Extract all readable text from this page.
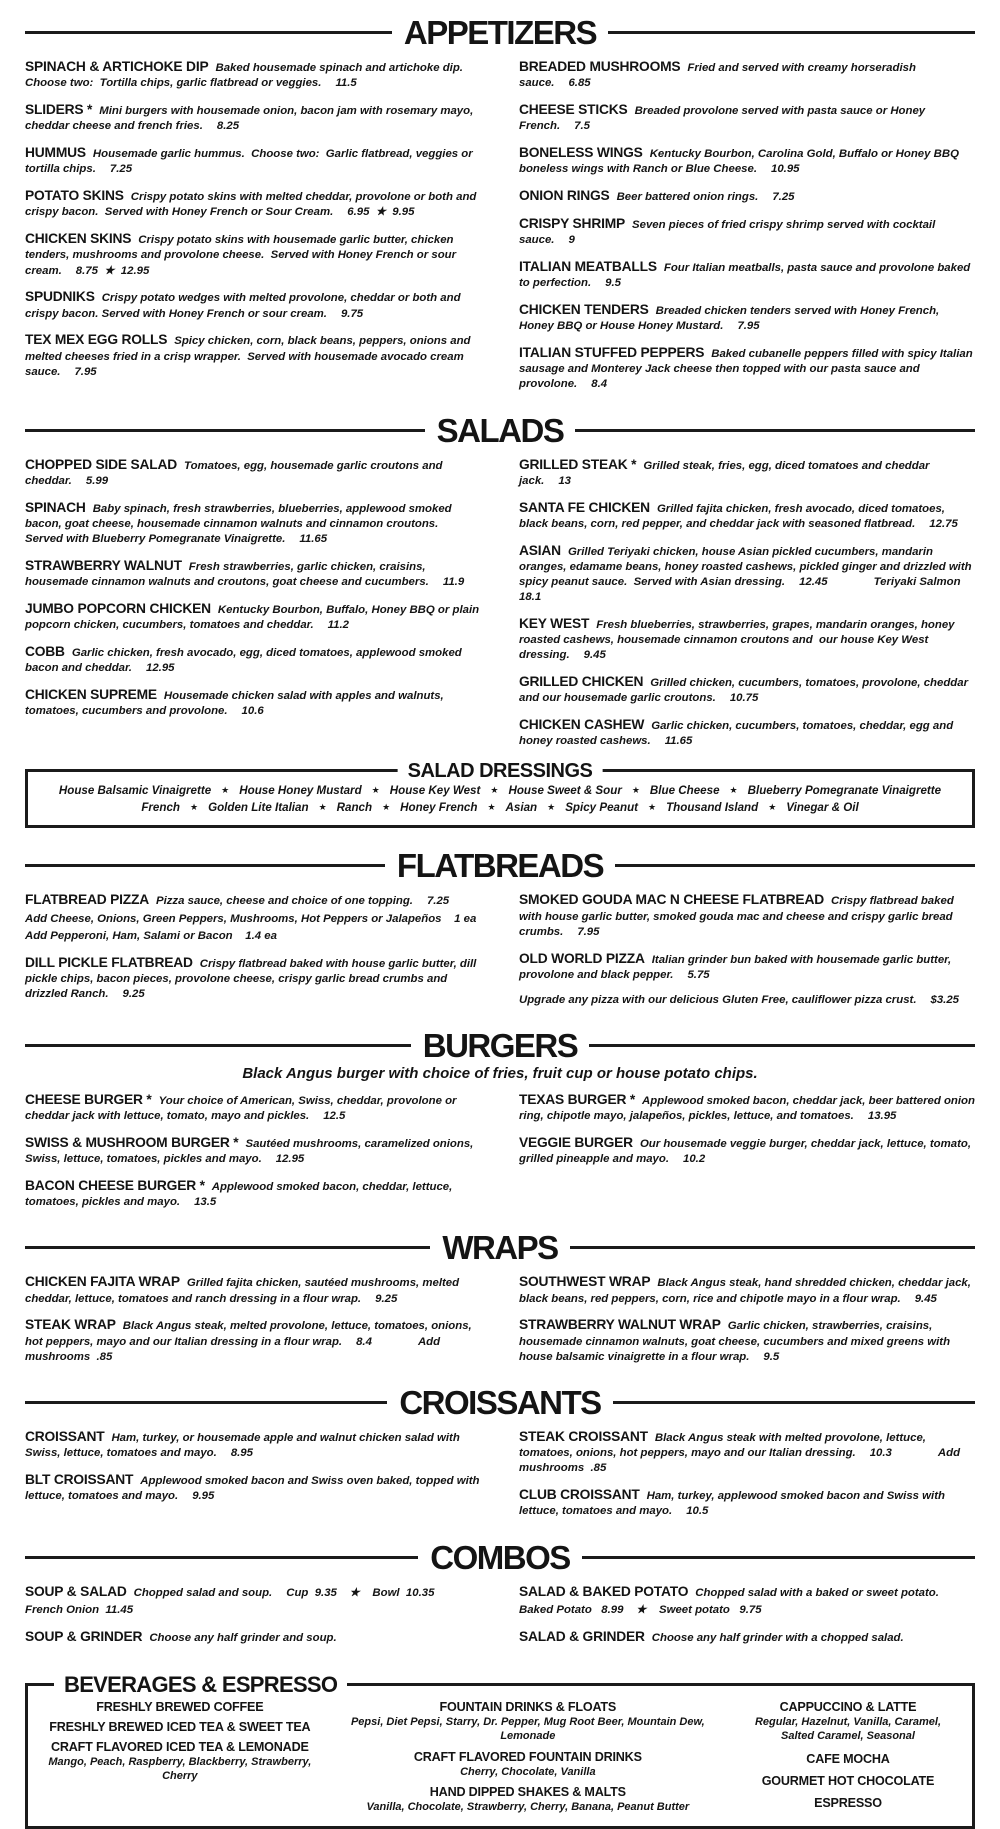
APPETIZERS

SPINACH & ARTICHOKE DIP Baked housemade spinach and artichoke dip.  Choose two:  Tortilla chips, garlic flatbread or veggies. 11.5

SLIDERS * Mini burgers with housemade onion, bacon jam with rosemary mayo, cheddar cheese and french fries. 8.25

HUMMUS Housemade garlic hummus.  Choose two:  Garlic flatbread, veggies or tortilla chips. 7.25

POTATO SKINS Crispy potato skins with melted cheddar, provolone or both and crispy bacon.  Served with Honey French or Sour Cream. 6.95  ★  9.95

CHICKEN SKINS Crispy potato skins with housemade garlic butter, chicken tenders, mushrooms and provolone cheese.  Served with Honey French or sour cream. 8.75  ★  12.95

SPUDNIKS Crispy potato wedges with melted provolone, cheddar or both and crispy bacon. Served with Honey French or sour cream. 9.75

TEX MEX EGG ROLLS Spicy chicken, corn, black beans, peppers, onions and melted cheeses fried in a crisp wrapper.  Served with housemade avocado cream sauce. 7.95

BREADED MUSHROOMS Fried and served with creamy horseradish sauce. 6.85

CHEESE STICKS Breaded provolone served with pasta sauce or Honey French. 7.5

BONELESS WINGS Kentucky Bourbon, Carolina Gold, Buffalo or Honey BBQ boneless wings with Ranch or Blue Cheese. 10.95

ONION RINGS Beer battered onion rings. 7.25

CRISPY SHRIMP Seven pieces of fried crispy shrimp served with cocktail sauce. 9

ITALIAN MEATBALLS Four Italian meatballs, pasta sauce and provolone baked to perfection. 9.5

CHICKEN TENDERS Breaded chicken tenders served with Honey French, Honey BBQ or House Honey Mustard. 7.95

ITALIAN STUFFED PEPPERS Baked cubanelle peppers filled with spicy Italian sausage and Monterey Jack cheese then topped with our pasta sauce and provolone. 8.4

SALADS

CHOPPED SIDE SALAD Tomatoes, egg, housemade garlic croutons and cheddar. 5.99

SPINACH Baby spinach, fresh strawberries, blueberries, applewood smoked bacon, goat cheese, housemade cinnamon walnuts and cinnamon croutons.  Served with Blueberry Pomegranate Vinaigrette. 11.65

STRAWBERRY WALNUT Fresh strawberries, garlic chicken, craisins, housemade cinnamon walnuts and croutons, goat cheese and cucumbers. 11.9

JUMBO POPCORN CHICKEN Kentucky Bourbon, Buffalo, Honey BBQ or plain popcorn chicken, cucumbers, tomatoes and cheddar. 11.2

COBB Garlic chicken, fresh avocado, egg, diced tomatoes, applewood smoked bacon and cheddar. 12.95

CHICKEN SUPREME Housemade chicken salad with apples and walnuts, tomatoes, cucumbers and provolone. 10.6

GRILLED STEAK * Grilled steak, fries, egg, diced tomatoes and cheddar jack. 13

SANTA FE CHICKEN Grilled fajita chicken, fresh avocado, diced tomatoes, black beans, corn, red pepper, and cheddar jack with seasoned flatbread. 12.75

ASIAN Grilled Teriyaki chicken, house Asian pickled cucumbers, mandarin oranges, edamame beans, honey roasted cashews, pickled ginger and drizzled with spicy peanut sauce.  Served with Asian dressing. 12.45	Teriyaki Salmon   18.1

KEY WEST Fresh blueberries, strawberries, grapes, mandarin oranges, honey roasted cashews, housemade cinnamon croutons and  our house Key West dressing. 9.45

GRILLED CHICKEN Grilled chicken, cucumbers, tomatoes, provolone, cheddar and our housemade garlic croutons. 10.75

CHICKEN CASHEW Garlic chicken, cucumbers, tomatoes, cheddar, egg and honey roasted cashews. 11.65

SALAD DRESSINGS

House Balsamic Vinaigrette ★ House Honey Mustard ★ House Key West ★ House Sweet & Sour ★ Blue Cheese ★ Blueberry Pomegranate Vinaigrette

French ★ Golden Lite Italian ★ Ranch ★ Honey French ★ Asian ★ Spicy Peanut ★ Thousand Island ★ Vinegar & Oil

FLATBREADS

FLATBREAD PIZZA Pizza sauce, cheese and choice of one topping. 7.25

Add Cheese, Onions, Green Peppers, Mushrooms, Hot Peppers or Jalapeños    1 ea

Add Pepperoni, Ham, Salami or Bacon    1.4 ea

DILL PICKLE FLATBREAD Crispy flatbread baked with house garlic butter, dill pickle chips, bacon pieces, provolone cheese, crispy garlic bread crumbs and drizzled Ranch. 9.25

SMOKED GOUDA MAC N CHEESE FLATBREAD Crispy flatbread baked with house garlic butter, smoked gouda mac and cheese and crispy garlic bread crumbs. 7.95

OLD WORLD PIZZA Italian grinder bun baked with housemade garlic butter, provolone and black pepper. 5.75

Upgrade any pizza with our delicious Gluten Free, cauliflower pizza crust. $3.25

BURGERS

Black Angus burger with choice of fries, fruit cup or house potato chips.

CHEESE BURGER * Your choice of American, Swiss, cheddar, provolone or cheddar jack with lettuce, tomato, mayo and pickles. 12.5

SWISS & MUSHROOM BURGER * Sautéed mushrooms, caramelized onions, Swiss, lettuce, tomatoes, pickles and mayo. 12.95

BACON CHEESE BURGER * Applewood smoked bacon, cheddar, lettuce, tomatoes, pickles and mayo. 13.5

TEXAS BURGER * Applewood smoked bacon, cheddar jack, beer battered onion ring, chipotle mayo, jalapeños, pickles, lettuce, and tomatoes. 13.95

VEGGIE BURGER Our housemade veggie burger, cheddar jack, lettuce, tomato, grilled pineapple and mayo. 10.2

WRAPS

CHICKEN FAJITA WRAP Grilled fajita chicken, sautéed mushrooms, melted cheddar, lettuce, tomatoes and ranch dressing in a flour wrap. 9.25

STEAK WRAP Black Angus steak, melted provolone, lettuce, tomatoes, onions, hot peppers, mayo and our Italian dressing in a flour wrap. 8.4	Add mushrooms  .85

SOUTHWEST WRAP Black Angus steak, hand shredded chicken, cheddar jack, black beans, red peppers, corn, rice and chipotle mayo in a flour wrap. 9.45

STRAWBERRY WALNUT WRAP Garlic chicken, strawberries, craisins, housemade cinnamon walnuts, goat cheese, cucumbers and mixed greens with house balsamic vinaigrette in a flour wrap. 9.5

CROISSANTS

CROISSANT Ham, turkey, or housemade apple and walnut chicken salad with Swiss, lettuce, tomatoes and mayo. 8.95

BLT CROISSANT Applewood smoked bacon and Swiss oven baked, topped with lettuce, tomatoes and mayo. 9.95

STEAK CROISSANT Black Angus steak with melted provolone, lettuce, tomatoes, onions, hot peppers, mayo and our Italian dressing. 10.3	Add mushrooms  .85

CLUB CROISSANT Ham, turkey, applewood smoked bacon and Swiss with lettuce, tomatoes and mayo. 10.5

COMBOS

SOUP & SALAD Chopped salad and soup. Cup  9.35    ★    Bowl  10.35

French Onion  11.45

SOUP & GRINDER Choose any half grinder and soup.

SALAD & BAKED POTATO Chopped salad with a baked or sweet potato.

Baked Potato   8.99    ★    Sweet potato   9.75

SALAD & GRINDER Choose any half grinder with a chopped salad.

BEVERAGES & ESPRESSO

FRESHLY BREWED COFFEE

FRESHLY BREWED ICED TEA & SWEET TEA

CRAFT FLAVORED ICED TEA & LEMONADE

Mango, Peach, Raspberry, Blackberry, Strawberry, Cherry

FOUNTAIN DRINKS & FLOATS

Pepsi, Diet Pepsi, Starry, Dr. Pepper, Mug Root Beer, Mountain Dew, Lemonade

CRAFT FLAVORED FOUNTAIN DRINKS

Cherry, Chocolate, Vanilla

HAND DIPPED SHAKES & MALTS

Vanilla, Chocolate, Strawberry, Cherry, Banana, Peanut Butter

CAPPUCCINO & LATTE

Regular, Hazelnut, Vanilla, Caramel, Salted Caramel, Seasonal

CAFE MOCHA

GOURMET HOT CHOCOLATE

ESPRESSO
